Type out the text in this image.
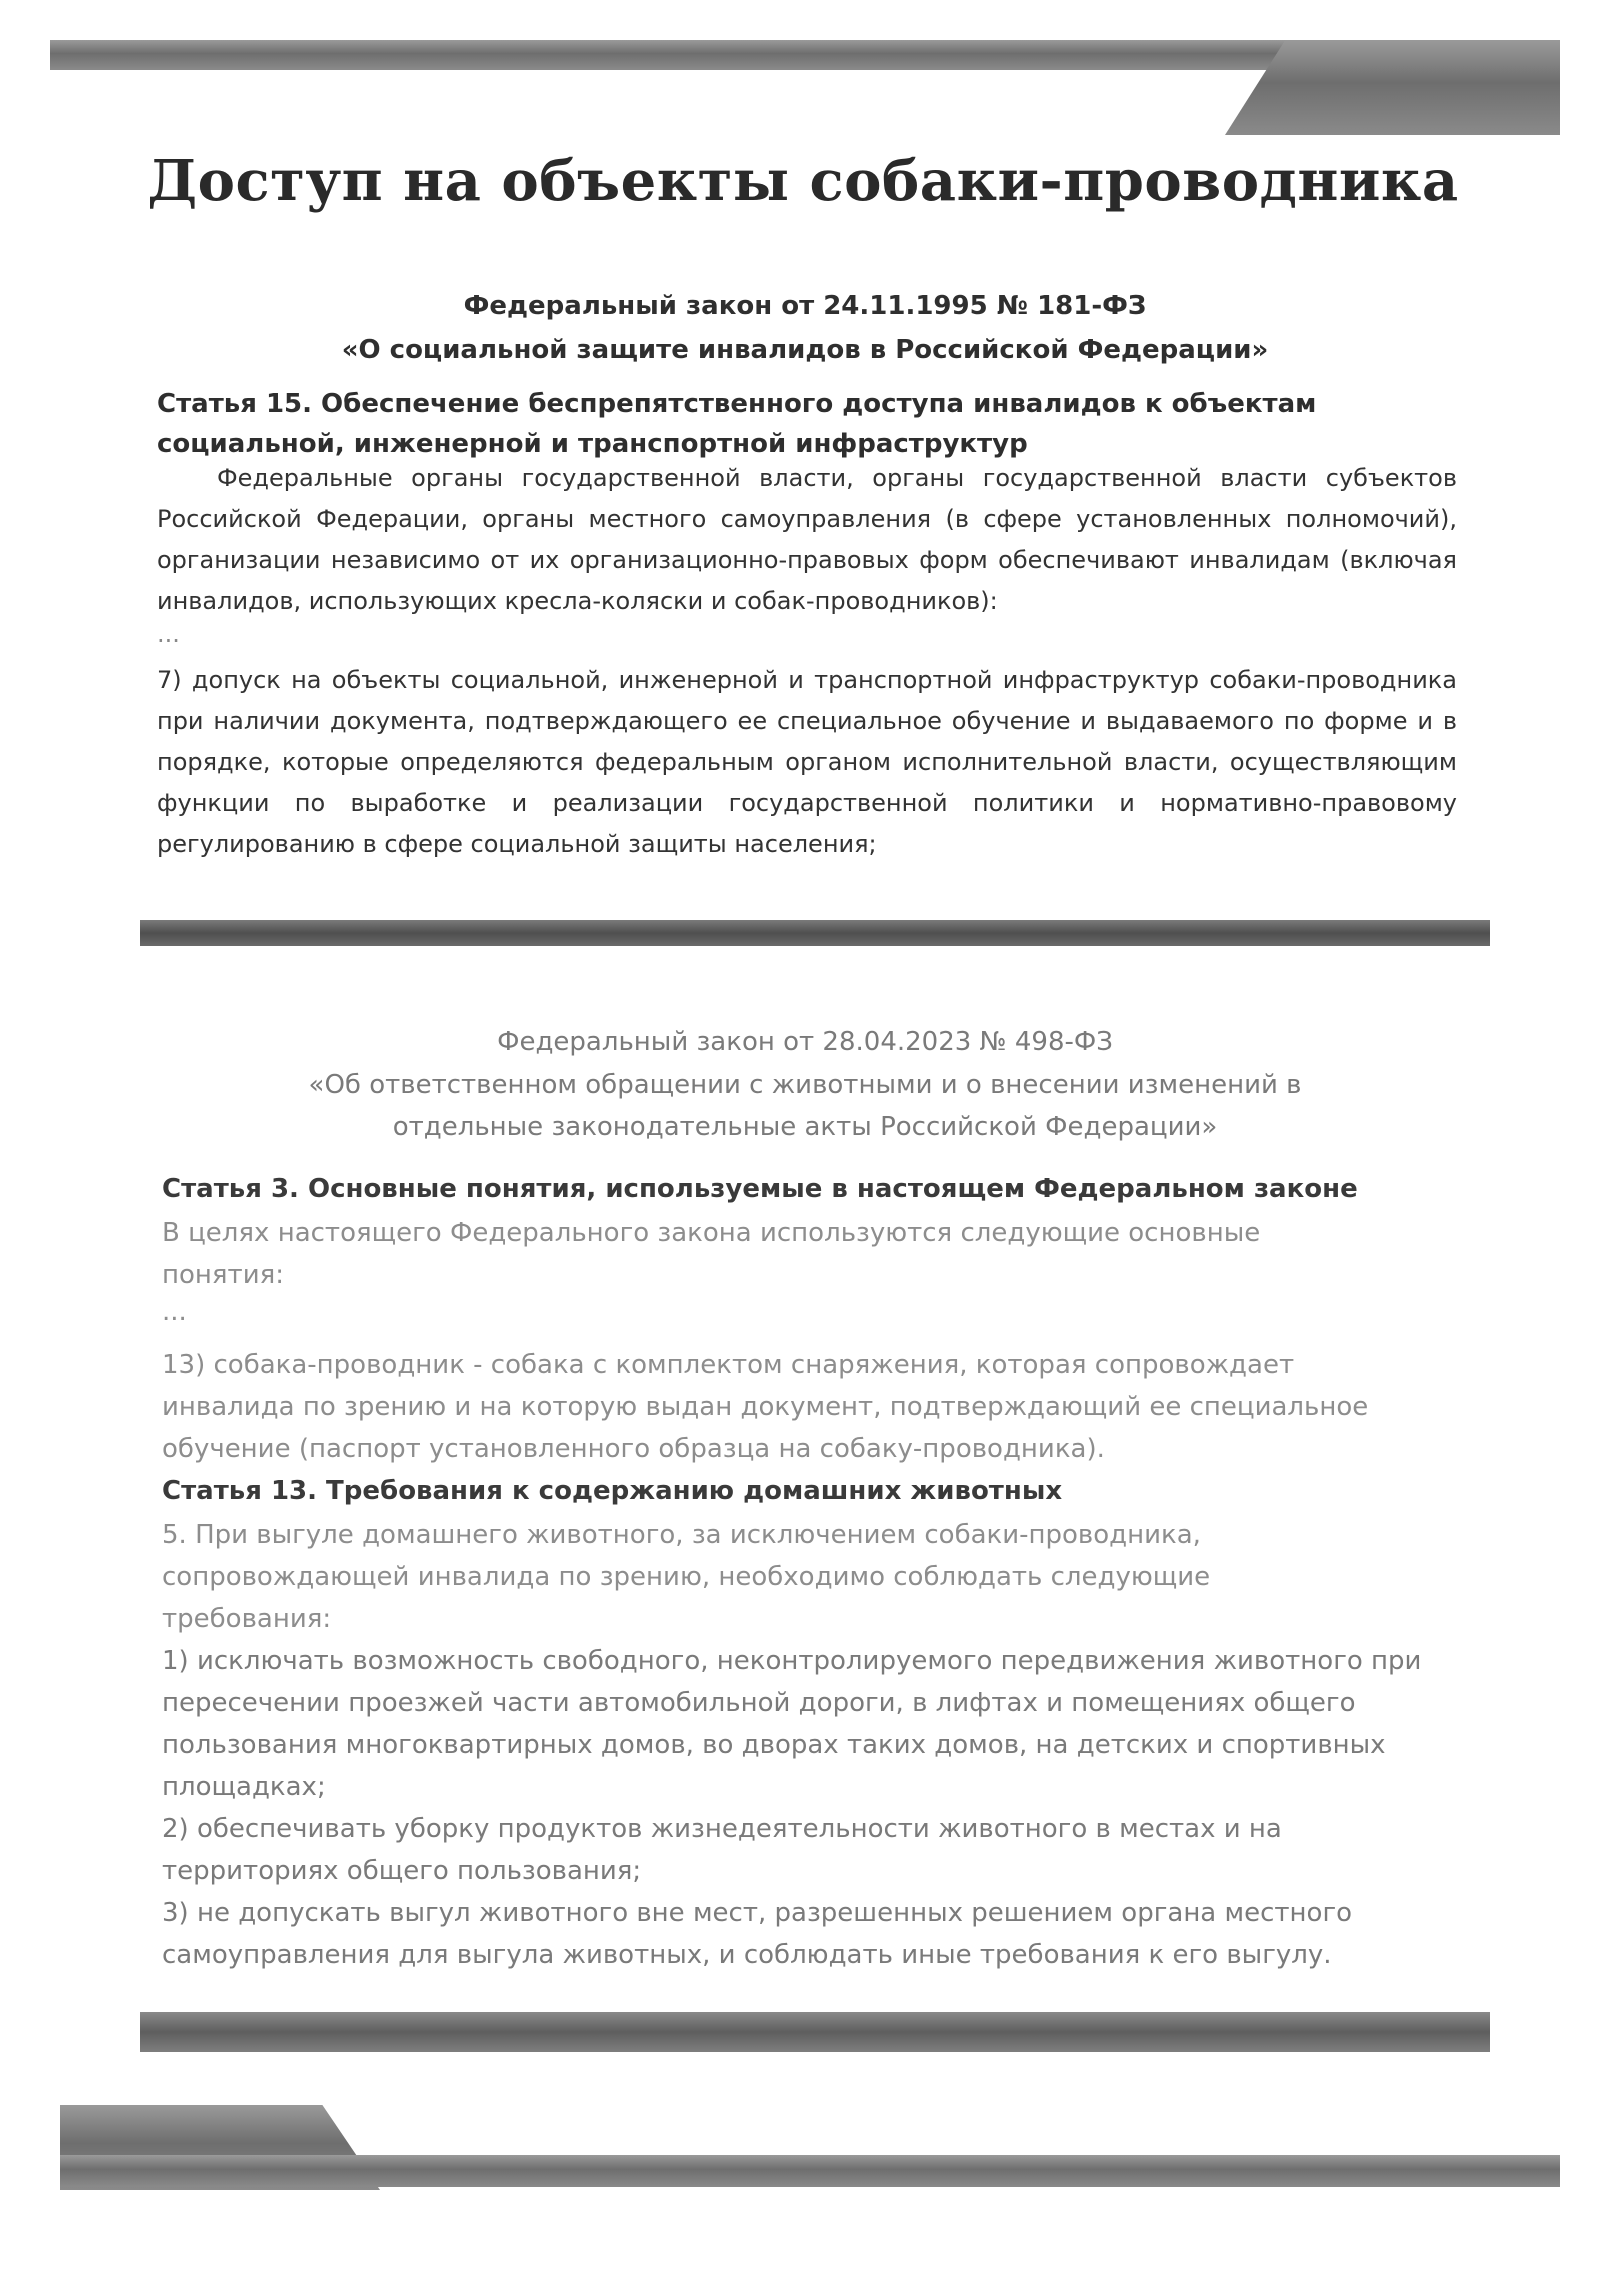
Доступ на объекты собаки-проводника
Федеральный закон от 24.11.1995 № 181-ФЗ
«О социальной защите инвалидов в Российской Федерации»
Статья 15. Обеспечение беспрепятственного доступа инвалидов к объектам социальной, инженерной и транспортной инфраструктур
Федеральные органы государственной власти, органы государственной власти субъектов Российской Федерации, органы местного самоуправления (в сфере установленных полномочий), организации независимо от их организационно-правовых форм обеспечивают инвалидам (включая инвалидов, использующих кресла-коляски и собак-проводников):
...
7) допуск на объекты социальной, инженерной и транспортной инфраструктур собаки-проводника при наличии документа, подтверждающего ее специальное обучение и выдаваемого по форме и в порядке, которые определяются федеральным органом исполнительной власти, осуществляющим функции по выработке и реализации государственной политики и нормативно-правовому регулированию в сфере социальной защиты населения;
Федеральный закон от 28.04.2023 № 498-ФЗ
«Об ответственном обращении с животными и о внесении изменений в отдельные законодательные акты Российской Федерации»
Статья 3. Основные понятия, используемые в настоящем Федеральном законе
В целях настоящего Федерального закона используются следующие основные понятия:
...
13) собака-проводник - собака с комплектом снаряжения, которая сопровождает инвалида по зрению и на которую выдан документ, подтверждающий ее специальное обучение (паспорт установленного образца на собаку-проводника).
Статья 13. Требования к содержанию домашних животных
5. При выгуле домашнего животного, за исключением собаки-проводника, сопровождающей инвалида по зрению, необходимо соблюдать следующие требования:
1) исключать возможность свободного, неконтролируемого передвижения животного при пересечении проезжей части автомобильной дороги, в лифтах и помещениях общего пользования многоквартирных домов, во дворах таких домов, на детских и спортивных площадках;
2) обеспечивать уборку продуктов жизнедеятельности животного в местах и на территориях общего пользования;
3) не допускать выгул животного вне мест, разрешенных решением органа местного самоуправления для выгула животных, и соблюдать иные требования к его выгулу.
